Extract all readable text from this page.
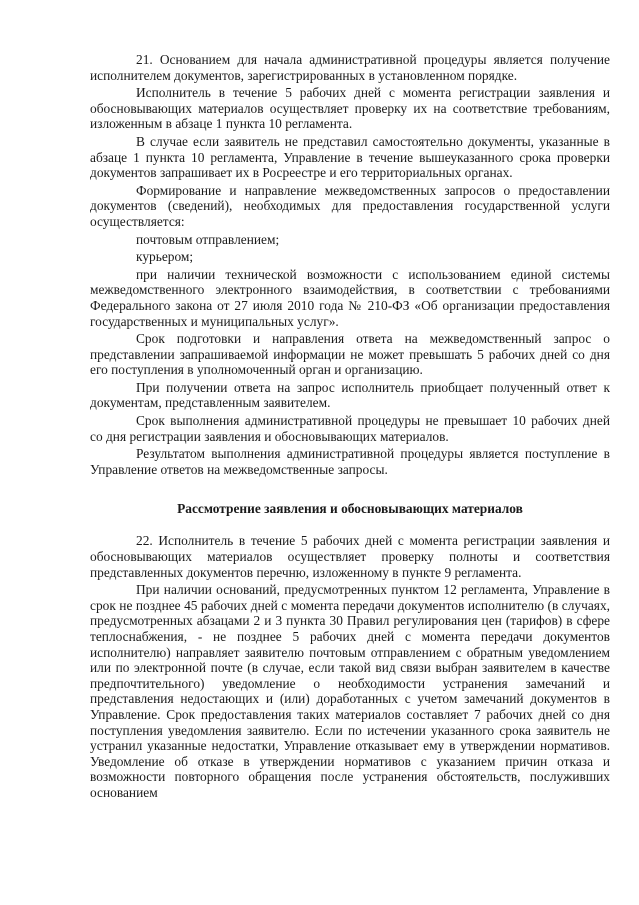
21. Основанием для начала административной процедуры является получение исполнителем документов, зарегистрированных в установленном порядке.

Исполнитель в течение 5 рабочих дней с момента регистрации заявления и обосновывающих материалов осуществляет проверку их на соответствие требованиям, изложенным в абзаце 1 пункта 10 регламента.

В случае если заявитель не представил самостоятельно документы, указанные в абзаце 1 пункта 10 регламента, Управление в течение вышеуказанного срока проверки документов запрашивает их в Росреестре и его территориальных органах.

Формирование и направление межведомственных запросов о предоставлении документов (сведений), необходимых для предоставления государственной услуги осуществляется:

почтовым отправлением;

курьером;

при наличии технической возможности с использованием единой системы межведомственного электронного взаимодействия, в соответствии с требованиями Федерального закона от 27 июля 2010 года № 210-ФЗ «Об организации предоставления государственных и муниципальных услуг».

Срок подготовки и направления ответа на межведомственный запрос о представлении запрашиваемой информации не может превышать 5 рабочих дней со дня его поступления в уполномоченный орган и организацию.

При получении ответа на запрос исполнитель приобщает полученный ответ к документам, представленным заявителем.

Срок выполнения административной процедуры не превышает 10 рабочих дней со дня регистрации заявления и обосновывающих материалов.

Результатом выполнения административной процедуры является поступление в Управление ответов на межведомственные запросы.

Рассмотрение заявления и обосновывающих материалов

22. Исполнитель в течение 5 рабочих дней с момента регистрации заявления и обосновывающих материалов осуществляет проверку полноты и соответствия представленных документов перечню, изложенному в пункте 9 регламента.

При наличии оснований, предусмотренных пунктом 12 регламента, Управление в срок не позднее 45 рабочих дней с момента передачи документов исполнителю (в случаях, предусмотренных абзацами 2 и 3 пункта 30 Правил регулирования цен (тарифов) в сфере теплоснабжения, - не позднее 5 рабочих дней с момента передачи документов исполнителю) направляет заявителю почтовым отправлением с обратным уведомлением или по электронной почте (в случае, если такой вид связи выбран заявителем в качестве предпочтительного) уведомление о необходимости устранения замечаний и представления недостающих и (или) доработанных с учетом замечаний документов в Управление. Срок предоставления таких материалов составляет 7 рабочих дней со дня поступления уведомления заявителю. Если по истечении указанного срока заявитель не устранил указанные недостатки, Управление отказывает ему в утверждении нормативов. Уведомление об отказе в утверждении нормативов с указанием причин отказа и возможности повторного обращения после устранения обстоятельств, послуживших основанием
